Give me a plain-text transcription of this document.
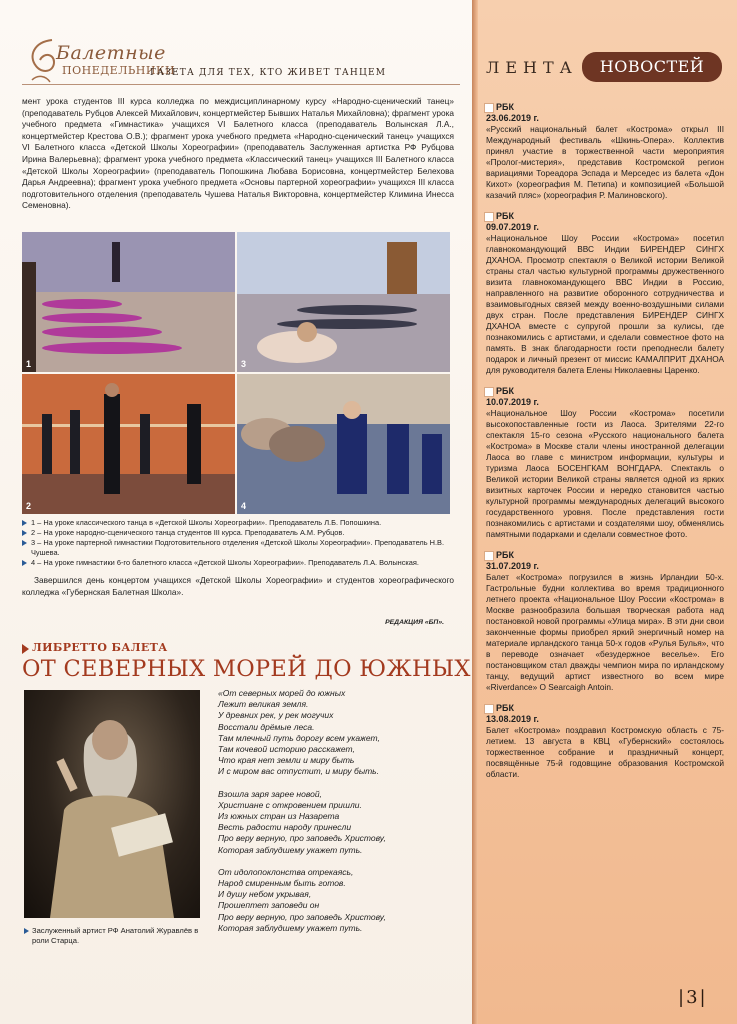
Балетные
ПОНЕДЕЛЬНИКИ
ГАЗЕТА ДЛЯ ТЕХ, КТО ЖИВЕТ ТАНЦЕМ	ЛЕНТА	НОВОСТЕЙ
мент урока студентов III курса колледжа по междисциплинарному курсу «Народно-сценический танец» (преподаватель Рубцов Алексей Михайлович, концертмейстер Бывших Наталья Михайловна); фрагмент урока учебного предмета «Гимнастика» учащихся VI Балетного класса (преподаватель Волынская Л.А., концертмейстер Крестова О.В.); фрагмент урока учебного предмета «Народно-сценический танец» учащихся VI Балетного класса «Детской Школы Хореографии» (преподаватель Заслуженная артистка РФ Рубцова Ирина Валерьевна); фрагмент урока учебного предмета «Классический танец» учащихся III Балетного класса «Детской Школы Хореографии» (преподаватель Попошкина Любава Борисовна, концертмейстер Белехова Дарья Андреевна); фрагмент урока учебного предмета «Основы партерной хореографии» учащихся III класса подготовительного отделения (преподаватель Чушева Наталья Викторовна, концертмейстер Климина Инесса Семеновна).
1	3
2	4
1 – На уроке классического танца в «Детской Школы Хореографии». Преподаватель Л.Б. Попошкина.
2 – На уроке народно-сценического танца студентов III курса. Преподаватель А.М. Рубцов.
3 – На уроке партерной гимнастики Подготовительного отделения «Детской Школы Хореографии». Преподаватель Н.В. Чушева.
4 – На уроке гимнастики 6-го балетного класса «Детской Школы Хореографии». Преподаватель Л.А. Волынская.
Завершился день концертом учащихся «Детской Школы Хореографии» и студентов хореографического колледжа «Губернская Балетная Школа».
РЕДАКЦИЯ «БП».
ЛИБРЕТТО БАЛЕТА
ОТ СЕВЕРНЫХ МОРЕЙ ДО ЮЖНЫХ
Заслуженный артист РФ Анатолий Журавлёв в роли Старца.
«От северных морей до южных
Лежит великая земля.
У древних рек, у рек могучих
Восстали дрёмые леса.
Там млечный путь дорогу всем укажет,
Там кочевой историю расскажет,
Что края нет земли и миру быть
И с миром вас отпустит, и миру быть.
Взошла заря зарее новой,
Христиане с откровением пришли.
Из южных стран из Назарета
Весть радости народу принесли
Про веру верную, про заповедь Христову,
Которая заблудшему укажет путь.
От идолопоклонства отрекаясь,
Народ смиренным быть готов.
И душу небом укрывая,
Прошептет заповеди он
Про веру верную, про заповедь Христову,
Которая заблудшему укажет путь.
РБК
23.06.2019 г.
«Русский национальный балет «Кострома» открыл III Международный фестиваль «Шкинь-Опера». Коллектив принял участие в торжественной части мероприятия «Пролог-мистерия», представив Костромской регион вариациями Тореадора Эспада и Мерседес из балета «Дон Кихот» (хореография М. Петипа) и композицией «Большой казачий пляс» (хореография Р. Малиновского).
РБК
09.07.2019 г.
«Национальное Шоу России «Кострома» посетил главнокомандующий ВВС Индии БИРЕНДЕР СИНГХ ДХАНОА. Просмотр спектакля о Великой истории Великой страны стал частью культурной программы дружественного визита главнокомандующего ВВС Индии в Россию, направленного на развитие оборонного сотрудничества и взаимовыгодных связей между военно-воздушными силами двух стран. После представления БИРЕНДЕР СИНГХ ДХАНОА вместе с супругой прошли за кулисы, где познакомились с артистами, и сделали совместное фото на память. В знак благодарности гости преподнесли балету подарок и личный презент от миссис КАМАЛПРИТ ДХАНОА для руководителя балета Елены Николаевны Царенко.
РБК
10.07.2019 г.
«Национальное Шоу России «Кострома» посетили высокопоставленные гости из Лаоса. Зрителями 22-го спектакля 15-го сезона «Русского национального балета «Кострома» в Москве стали члены иностранной делегации Лаоса во главе с министром информации, культуры и туризма Лаоса БОСЕНГКАМ ВОНГДАРА. Спектакль о Великой истории Великой страны является одной из ярких визитных карточек России и нередко становится частью культурной программы международных делегаций высокого государственного уровня. После представления гости познакомились с артистами и создателями шоу, обменялись памятными подарками и сделали совместное фото.
РБК
31.07.2019 г.
Балет «Кострома» погрузился в жизнь Ирландии 50-х. Гастрольные будни коллектива во время традиционного летнего проекта «Национальное Шоу России «Кострома» в Москве разнообразила большая творческая работа над постановкой новой программы «Улица мира». В эти дни свои законченные формы приобрел яркий энергичный номер на материале ирландского танца 50-х годов «Рулья Булья», что в переводе означает «безудержное веселье». Его постановщиком стал дважды чемпион мира по ирландскому танцу, ведущий артист известного во всем мире «Riverdance» О Searcaigh Antoin.
РБК
13.08.2019 г.
Балет «Кострома» поздравил Костромскую область с 75-летием. 13 августа в КВЦ «Губернский» состоялось торжественное собрание и праздничный концерт, посвящённые 75-й годовщине образования Костромской области.
|3|
